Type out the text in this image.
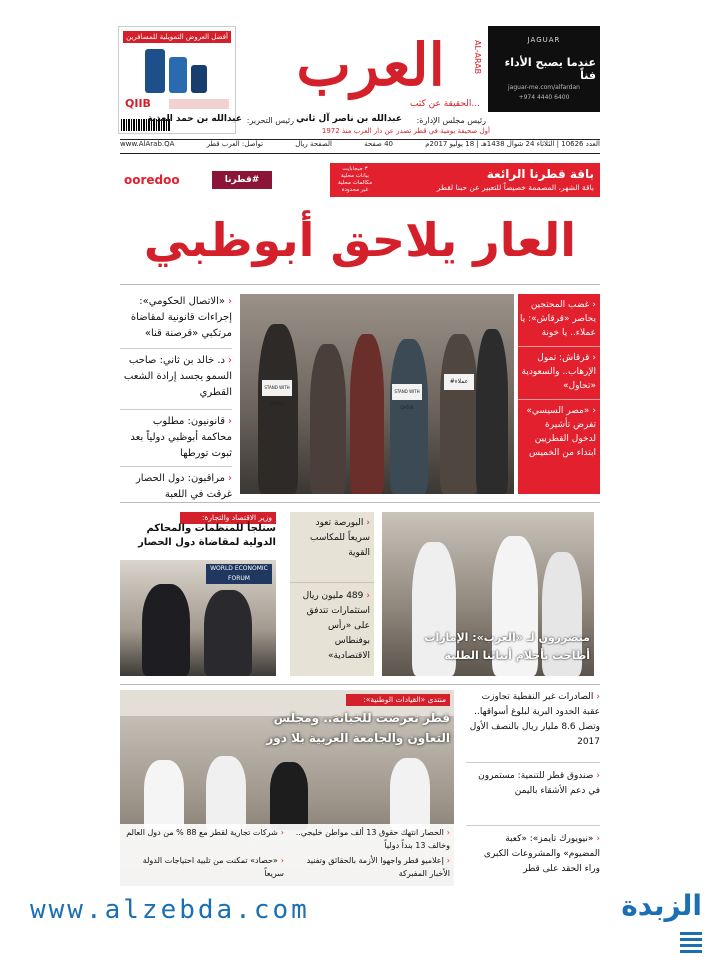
أفضل العروض التمويلية للمسافرين
QIIB
العرب	AL-ARAB
...الحقيقة عن كثب
JAGUAR
عندما يصبح الأداء فناً
jaguar-me.com/alfardan
+974 4440 6400
رئيس مجلس الإدارة:
عبدالله بن ناصر آل ثاني
رئيس التحرير:
عبدالله بن حمد العذبة
أول صحيفة يومية في قطر تصدر عن دار العرب منذ 1972
العدد 10626 | الثلاثاء 24 شوال 1438هـ | 18 يوليو 2017م
40 صفحة
الصفحة ريال
تواصل: العرب قطر
www.AlArab.QA
ooredoo	#قطرنا
٣ جيجابايت
بيانات محلية
مكالمات محلية
غير محدودة
باقة قطرنا الرائعة
باقة الشهر، المصممة خصيصاً للتعبير عن حبنا لقطر
العار يلاحق أبوظبي
‹«الاتصال الحكومي»: إجراءات قانونية لمقاضاة مرتكبي «قرصنة قنا»
‹د. خالد بن ثاني: صاحب السمو يجسد إرادة الشعب القطري
‹قانونيون: مطلوب محاكمة أبوظبي دولياً بعد ثبوت تورطها
‹مراقبون: دول الحصار غرقت في اللعبة
STAND WITH QATAR
STAND WITH QATAR
#عملاء
‹غضب المحتجين يحاصر «قرقاش»: يا عملاء.. يا خونة
‹قرقاش: تمول الإرهاب.. والسعودية «تحاول»
‹«مصر السيسي» تفرض تأشيرة لدخول القطريين ابتداء من الخميس
وزير الاقتصاد والتجارة:
سنلجأ للمنظمات والمحاكم الدولية لمقاضاة دول الحصار
WORLD ECONOMIC FORUM
‹البورصة تعود سريعاً للمكاسب القوية
‹489 مليون ريال استثمارات تتدفق على «رأس بوفنطاس الاقتصادية»
متضررون لـ «العرب»: الإمارات
أطاحت بأحلام أبنائنا الطلبة
منتدى «القيادات الوطنية»:
قطر تعرضت للخيانة.. ومجلس التعاون والجامعة العربية بلا دور
‹الحصار انتهك حقوق 13 ألف مواطن خليجي.. وخالف 13 بنداً دولياً
‹إعلاميو قطر واجهوا الأزمة بالحقائق وتفنيد الأخبار المفبركة
‹شركات تجارية لقطر مع 88 % من دول العالم
‹«حصاد» تمكنت من تلبية احتياجات الدولة سريعاً
‹الصادرات غير النفطية تجاوزت عقبة الحدود البرية لبلوغ أسواقها.. وتصل 8.6 مليار ريال بالنصف الأول 2017
‹صندوق قطر للتنمية: مستمرون في دعم الأشقاء باليمن
‹«نيويورك تايمز»: «كعبة المضيوم» والمشروعات الكبرى وراء الحقد على قطر
www.alzebda.com	الزبدة
